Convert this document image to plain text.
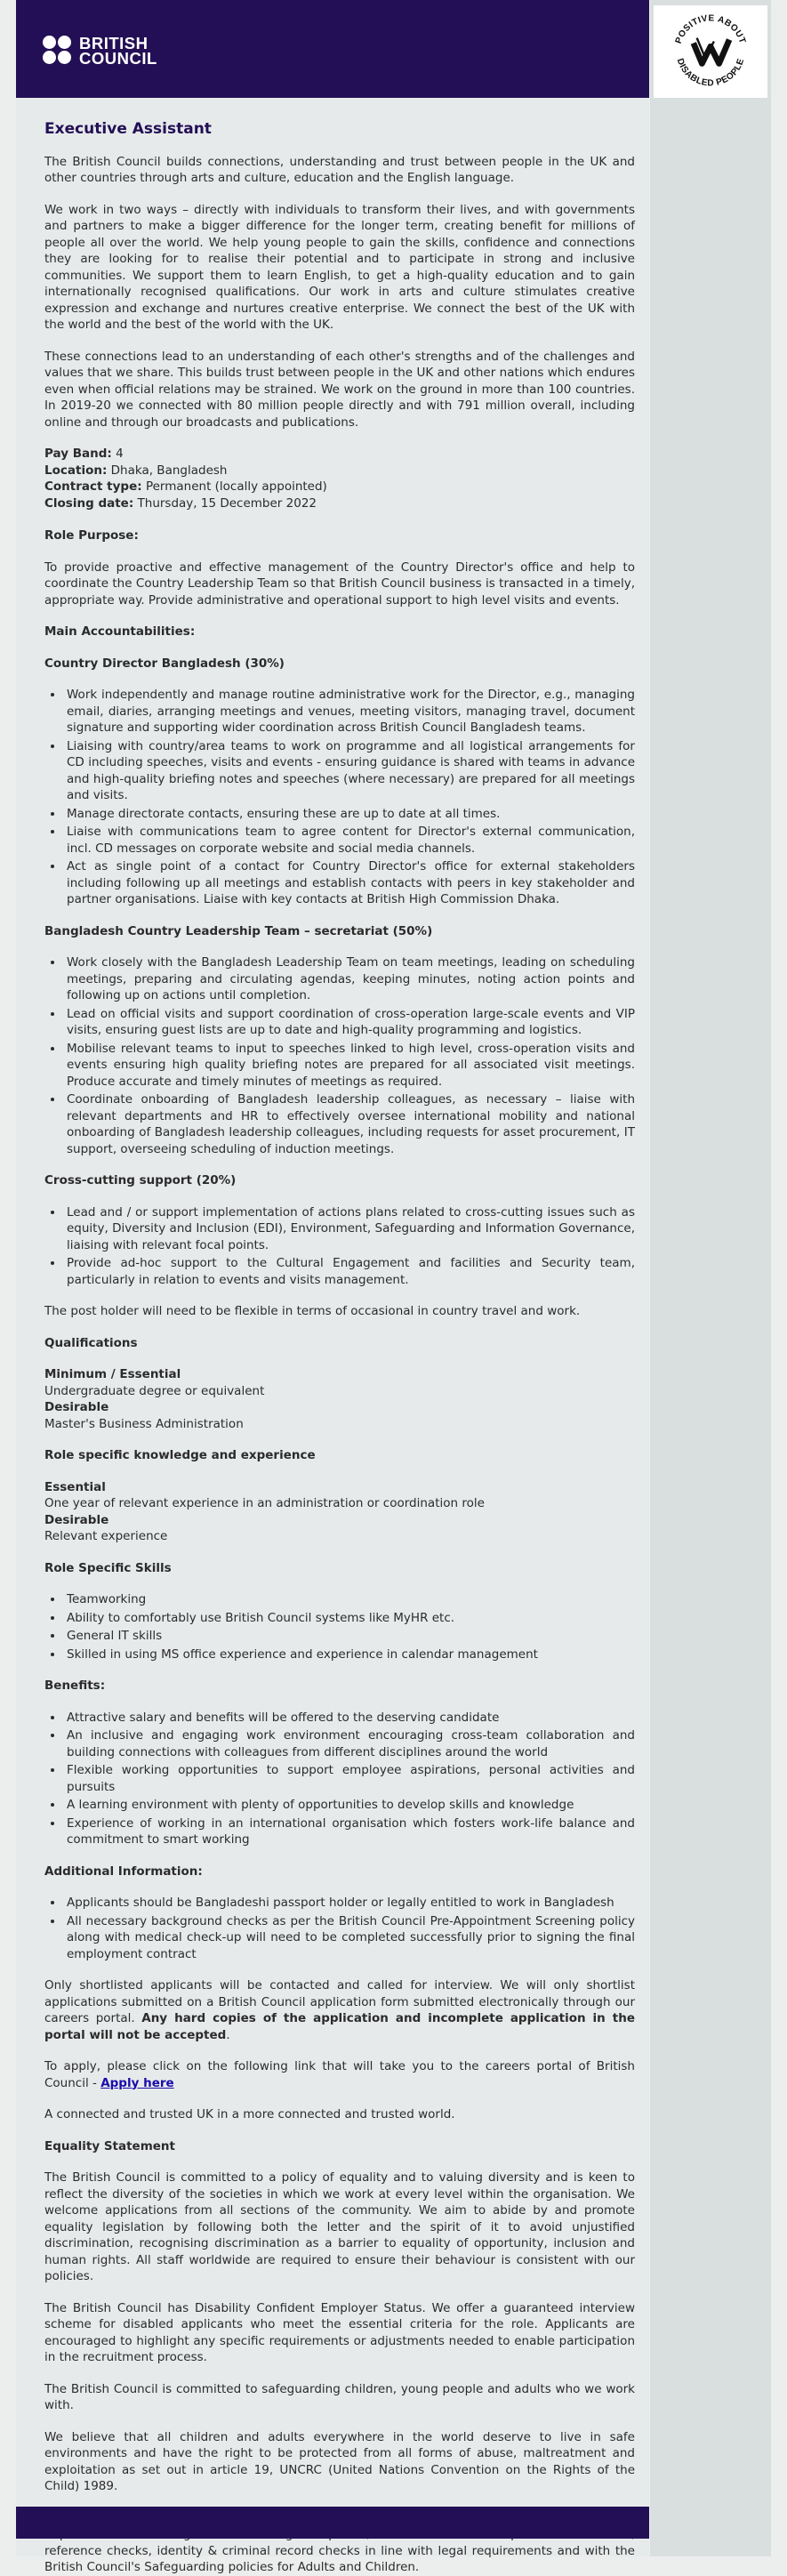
POSITIVE ABOUT
DISABLED PEOPLE
BRITISH
COUNCIL
Executive Assistant

The British Council builds connections, understanding and trust between people in the UK and other countries through arts and culture, education and the English language.

We work in two ways – directly with individuals to transform their lives, and with governments and partners to make a bigger difference for the longer term, creating benefit for millions of people all over the world. We help young people to gain the skills, confidence and connections they are looking for to realise their potential and to participate in strong and inclusive communities. We support them to learn English, to get a high-quality education and to gain internationally recognised qualifications. Our work in arts and culture stimulates creative expression and exchange and nurtures creative enterprise. We connect the best of the UK with the world and the best of the world with the UK.

These connections lead to an understanding of each other's strengths and of the challenges and values that we share. This builds trust between people in the UK and other nations which endures even when official relations may be strained. We work on the ground in more than 100 countries. In 2019-20 we connected with 80 million people directly and with 791 million overall, including online and through our broadcasts and publications.

Pay Band: 4
Location: Dhaka, Bangladesh
Contract type: Permanent (locally appointed)
Closing date: Thursday, 15 December 2022
Role Purpose:

To provide proactive and effective management of the Country Director's office and help to coordinate the Country Leadership Team so that British Council business is transacted in a timely, appropriate way. Provide administrative and operational support to high level visits and events.

Main Accountabilities:
Country Director Bangladesh (30%)
• Work independently and manage routine administrative work for the Director, e.g., managing email, diaries, arranging meetings and venues, meeting visitors, managing travel, document signature and supporting wider coordination across British Council Bangladesh teams.
• Liaising with country/area teams to work on programme and all logistical arrangements for CD including speeches, visits and events - ensuring guidance is shared with teams in advance and high-quality briefing notes and speeches (where necessary) are prepared for all meetings and visits.
• Manage directorate contacts, ensuring these are up to date at all times.
• Liaise with communications team to agree content for Director's external communication, incl. CD messages on corporate website and social media channels.
• Act as single point of a contact for Country Director's office for external stakeholders including following up all meetings and establish contacts with peers in key stakeholder and partner organisations. Liaise with key contacts at British High Commission Dhaka.
Bangladesh Country Leadership Team – secretariat (50%)
• Work closely with the Bangladesh Leadership Team on team meetings, leading on scheduling meetings, preparing and circulating agendas, keeping minutes, noting action points and following up on actions until completion.
• Lead on official visits and support coordination of cross-operation large-scale events and VIP visits, ensuring guest lists are up to date and high-quality programming and logistics.
• Mobilise relevant teams to input to speeches linked to high level, cross-operation visits and events ensuring high quality briefing notes are prepared for all associated visit meetings. Produce accurate and timely minutes of meetings as required.
• Coordinate onboarding of Bangladesh leadership colleagues, as necessary – liaise with relevant departments and HR to effectively oversee international mobility and national onboarding of Bangladesh leadership colleagues, including requests for asset procurement, IT support, overseeing scheduling of induction meetings.
Cross-cutting support (20%)
• Lead and / or support implementation of actions plans related to cross-cutting issues such as equity, Diversity and Inclusion (EDI), Environment, Safeguarding and Information Governance, liaising with relevant focal points.
• Provide ad-hoc support to the Cultural Engagement and facilities and Security team, particularly in relation to events and visits management.

The post holder will need to be flexible in terms of occasional in country travel and work.

Qualifications
Minimum / Essential
Undergraduate degree or equivalent
Desirable
Master's Business Administration
Role specific knowledge and experience
Essential
One year of relevant experience in an administration or coordination role
Desirable
Relevant experience
Role Specific Skills
• Teamworking
• Ability to comfortably use British Council systems like MyHR etc.
• General IT skills
• Skilled in using MS office experience and experience in calendar management
Benefits:
• Attractive salary and benefits will be offered to the deserving candidate
• An inclusive and engaging work environment encouraging cross-team collaboration and building connections with colleagues from different disciplines around the world
• Flexible working opportunities to support employee aspirations, personal activities and pursuits
• A learning environment with plenty of opportunities to develop skills and knowledge
• Experience of working in an international organisation which fosters work-life balance and commitment to smart working
Additional Information:
• Applicants should be Bangladeshi passport holder or legally entitled to work in Bangladesh
• All necessary background checks as per the British Council Pre-Appointment Screening policy along with medical check-up will need to be completed successfully prior to signing the final employment contract

Only shortlisted applicants will be contacted and called for interview. We will only shortlist applications submitted on a British Council application form submitted electronically through our careers portal. Any hard copies of the application and incomplete application in the portal will not be accepted.

To apply, please click on the following link that will take you to the careers portal of British Council - Apply here

A connected and trusted UK in a more connected and trusted world.

Equality Statement

The British Council is committed to a policy of equality and to valuing diversity and is keen to reflect the diversity of the societies in which we work at every level within the organisation. We welcome applications from all sections of the community. We aim to abide by and promote equality legislation by following both the letter and the spirit of it to avoid unjustified discrimination, recognising discrimination as a barrier to equality of opportunity, inclusion and human rights. All staff worldwide are required to ensure their behaviour is consistent with our policies.

The British Council has Disability Confident Employer Status. We offer a guaranteed interview scheme for disabled applicants who meet the essential criteria for the role. Applicants are encouraged to highlight any specific requirements or adjustments needed to enable participation in the recruitment process.

The British Council is committed to safeguarding children, young people and adults who we work with.

We believe that all children and adults everywhere in the world deserve to live in safe environments and have the right to be protected from all forms of abuse, maltreatment and exploitation as set out in article 19, UNCRC (United Nations Convention on the Rights of the Child) 1989.

reference checks, identity & criminal record checks in line with legal requirements and with the British Council's Safeguarding policies for Adults and Children.
